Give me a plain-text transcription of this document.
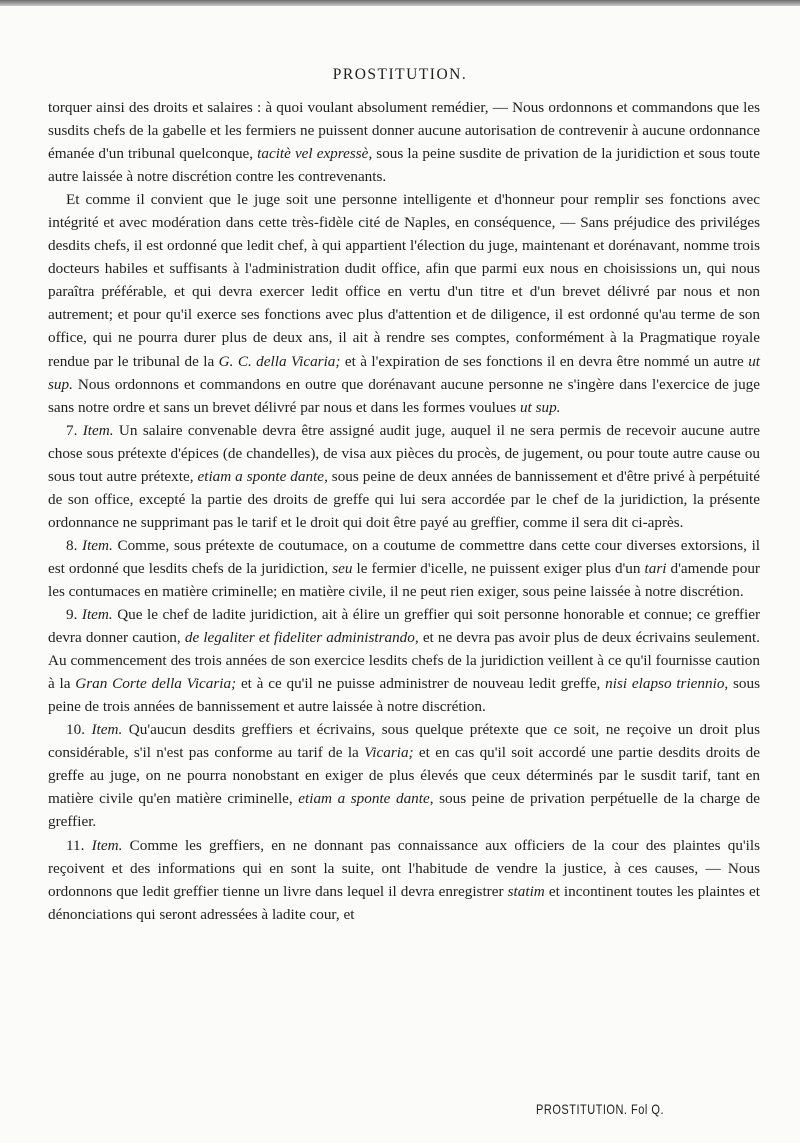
PROSTITUTION.

torquer ainsi des droits et salaires : à quoi voulant absolument remédier, — Nous ordonnons et commandons que les susdits chefs de la gabelle et les fermiers ne puissent donner aucune autorisation de contrevenir à aucune ordonnance émanée d'un tribunal quelconque, tacitè vel expressè, sous la peine susdite de privation de la juridiction et sous toute autre laissée à notre discrétion contre les contrevenants.

Et comme il convient que le juge soit une personne intelligente et d'honneur pour remplir ses fonctions avec intégrité et avec modération dans cette très-fidèle cité de Naples, en conséquence, — Sans préjudice des priviléges desdits chefs, il est ordonné que ledit chef, à qui appartient l'élection du juge, maintenant et dorénavant, nomme trois docteurs habiles et suffisants à l'administration dudit office, afin que parmi eux nous en choisissions un, qui nous paraîtra préférable, et qui devra exercer ledit office en vertu d'un titre et d'un brevet délivré par nous et non autrement; et pour qu'il exerce ses fonctions avec plus d'attention et de diligence, il est ordonné qu'au terme de son office, qui ne pourra durer plus de deux ans, il ait à rendre ses comptes, conformément à la Pragmatique royale rendue par le tribunal de la G. C. della Vicaria; et à l'expiration de ses fonctions il en devra être nommé un autre ut sup. Nous ordonnons et commandons en outre que dorénavant aucune personne ne s'ingère dans l'exercice de juge sans notre ordre et sans un brevet délivré par nous et dans les formes voulues ut sup.

7. Item. Un salaire convenable devra être assigné audit juge, auquel il ne sera permis de recevoir aucune autre chose sous prétexte d'épices (de chandelles), de visa aux pièces du procès, de jugement, ou pour toute autre cause ou sous tout autre prétexte, etiam a sponte dante, sous peine de deux années de bannissement et d'être privé à perpétuité de son office, excepté la partie des droits de greffe qui lui sera accordée par le chef de la juridiction, la présente ordonnance ne supprimant pas le tarif et le droit qui doit être payé au greffier, comme il sera dit ci-après.

8. Item. Comme, sous prétexte de coutumace, on a coutume de commettre dans cette cour diverses extorsions, il est ordonné que lesdits chefs de la juridiction, seu le fermier d'icelle, ne puissent exiger plus d'un tari d'amende pour les contumaces en matière criminelle; en matière civile, il ne peut rien exiger, sous peine laissée à notre discrétion.

9. Item. Que le chef de ladite juridiction, ait à élire un greffier qui soit personne honorable et connue; ce greffier devra donner caution, de legaliter et fideliter administrando, et ne devra pas avoir plus de deux écrivains seulement. Au commencement des trois années de son exercice lesdits chefs de la juridiction veillent à ce qu'il fournisse caution à la Gran Corte della Vicaria; et à ce qu'il ne puisse administrer de nouveau ledit greffe, nisi elapso triennio, sous peine de trois années de bannissement et autre laissée à notre discrétion.

10. Item. Qu'aucun desdits greffiers et écrivains, sous quelque prétexte que ce soit, ne reçoive un droit plus considérable, s'il n'est pas conforme au tarif de la Vicaria; et en cas qu'il soit accordé une partie desdits droits de greffe au juge, on ne pourra nonobstant en exiger de plus élevés que ceux déterminés par le susdit tarif, tant en matière civile qu'en matière criminelle, etiam a sponte dante, sous peine de privation perpétuelle de la charge de greffier.

11. Item. Comme les greffiers, en ne donnant pas connaissance aux officiers de la cour des plaintes qu'ils reçoivent et des informations qui en sont la suite, ont l'habitude de vendre la justice, à ces causes, — Nous ordonnons que ledit greffier tienne un livre dans lequel il devra enregistrer statim et incontinent toutes les plaintes et dénonciations qui seront adressées à ladite cour, et

PROSTITUTION. Fol Q.
